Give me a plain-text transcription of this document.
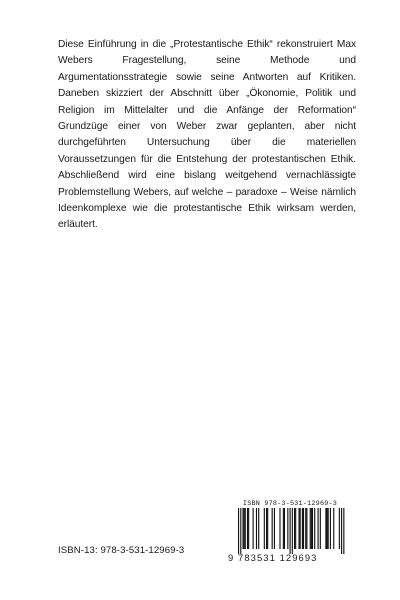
Diese Einführung in die „Protestantische Ethik“ rekonstruiert Max Webers Fragestellung, seine Methode und Argumentationsstrategie sowie seine Antworten auf Kritiken. Daneben skizziert der Abschnitt über „Ökonomie, Politik und Religion im Mittelalter und die Anfänge der Reformation“ Grundzüge einer von Weber zwar geplanten, aber nicht durchgeführten Untersuchung über die materiellen Voraussetzungen für die Entstehung der protestantischen Ethik. Abschließend wird eine bislang weitgehend vernachlässigte Problemstellung Webers, auf welche – paradoxe – Weise nämlich Ideenkomplexe wie die protestantische Ethik wirksam werden, erläutert.

ISBN-13: 978-3-531-12969-3
ISBN 978-3-531-12969-3
9 783531 129693
